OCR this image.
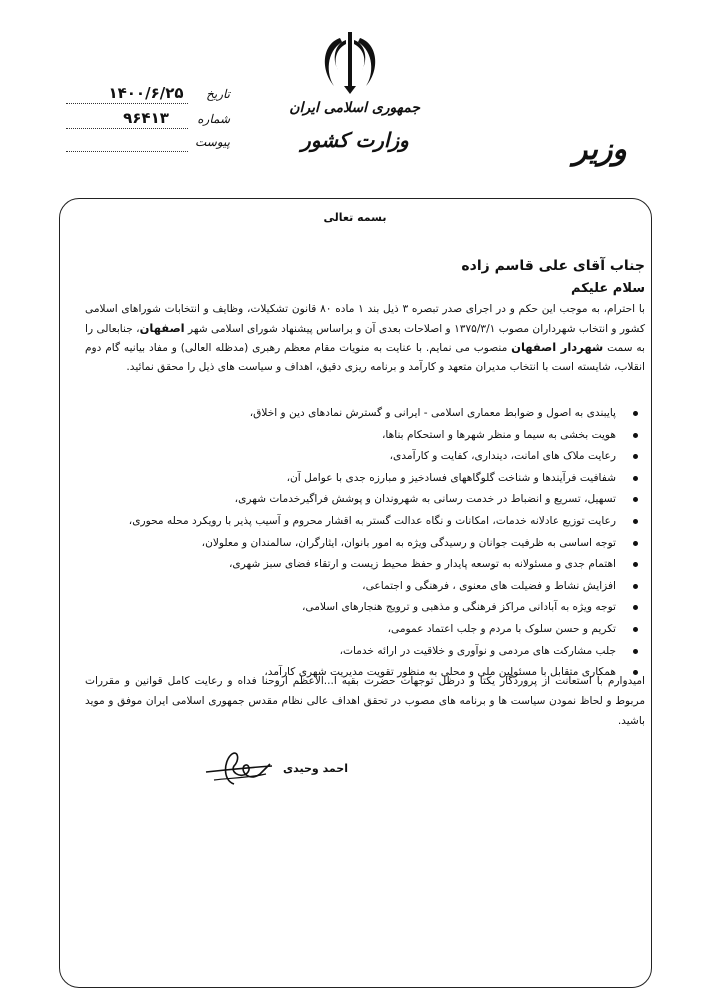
جمهوری اسلامی ایران
وزارت کشور	وزیر
تاریخ
۱۴۰۰/۶/۲۵
شماره
۹۶۴۱۳
پیوست
بسمه تعالی
جناب آقای علی قاسم زاده
سلام علیکم
با احترام، به موجب این حکم و در اجرای صدر تبصره ۳ ذیل بند ۱ ماده ۸۰ قانون تشکیلات، وظایف و انتخابات شوراهای اسلامی کشور و انتخاب شهرداران مصوب ۱۳۷۵/۳/۱ و اصلاحات بعدی آن و براساس پیشنهاد شورای اسلامی شهر اصفهان، جنابعالی را به سمت شهردار اصفهان منصوب می نمایم. با عنایت به منویات مقام معظم رهبری (مدظله العالی) و مفاد بیانیه گام دوم انقلاب، شایسته است با انتخاب مدیران متعهد و کارآمد و برنامه ریزی دقیق، اهداف و سیاست های ذیل را محقق نمائید.
پایبندی به اصول و ضوابط معماری اسلامی - ایرانی و گسترش نمادهای دین و اخلاق،
هویت بخشی به سیما و منظر شهرها و استحکام بناها،
رعایت ملاک های امانت، دینداری، کفایت و کارآمدی،
شفافیت فرآیندها و شناخت گلوگاههای فسادخیز و مبارزه جدی با عوامل آن،
تسهیل، تسریع و انضباط در خدمت رسانی به شهروندان و پوشش فراگیرخدمات شهری،
رعایت توزیع عادلانه خدمات، امکانات و نگاه عدالت گستر به اقشار محروم و آسیب پذیر با رویکرد محله محوری،
توجه اساسی به ظرفیت جوانان و رسیدگی ویژه به امور بانوان، ایثارگران، سالمندان و معلولان،
اهتمام جدی و مسئولانه به توسعه پایدار و حفظ محیط زیست و ارتقاء فضای سبز شهری،
افزایش نشاط و فضیلت های معنوی ، فرهنگی و اجتماعی،
توجه ویژه به آبادانی مراکز فرهنگی و مذهبی و ترویج هنجارهای اسلامی،
تکریم و حسن سلوک با مردم و جلب اعتماد عمومی،
جلب مشارکت های مردمی و نوآوری و خلاقیت در ارائه خدمات،
همکاری متقابل با مسئولین ملی و محلی به منظور تقویت مدیریت شهری کارآمد،
امیدوارم با استعانت از پروردگار یکتا و درظل توجهات حضرت بقیه ا...الاعظم اروحنا فداه و رعایت کامل قوانین و مقررات مربوط و لحاظ نمودن سیاست ها و برنامه های مصوب در تحقق اهداف عالی نظام مقدس جمهوری اسلامی ایران موفق و موید باشید.
احمد وحیدی
